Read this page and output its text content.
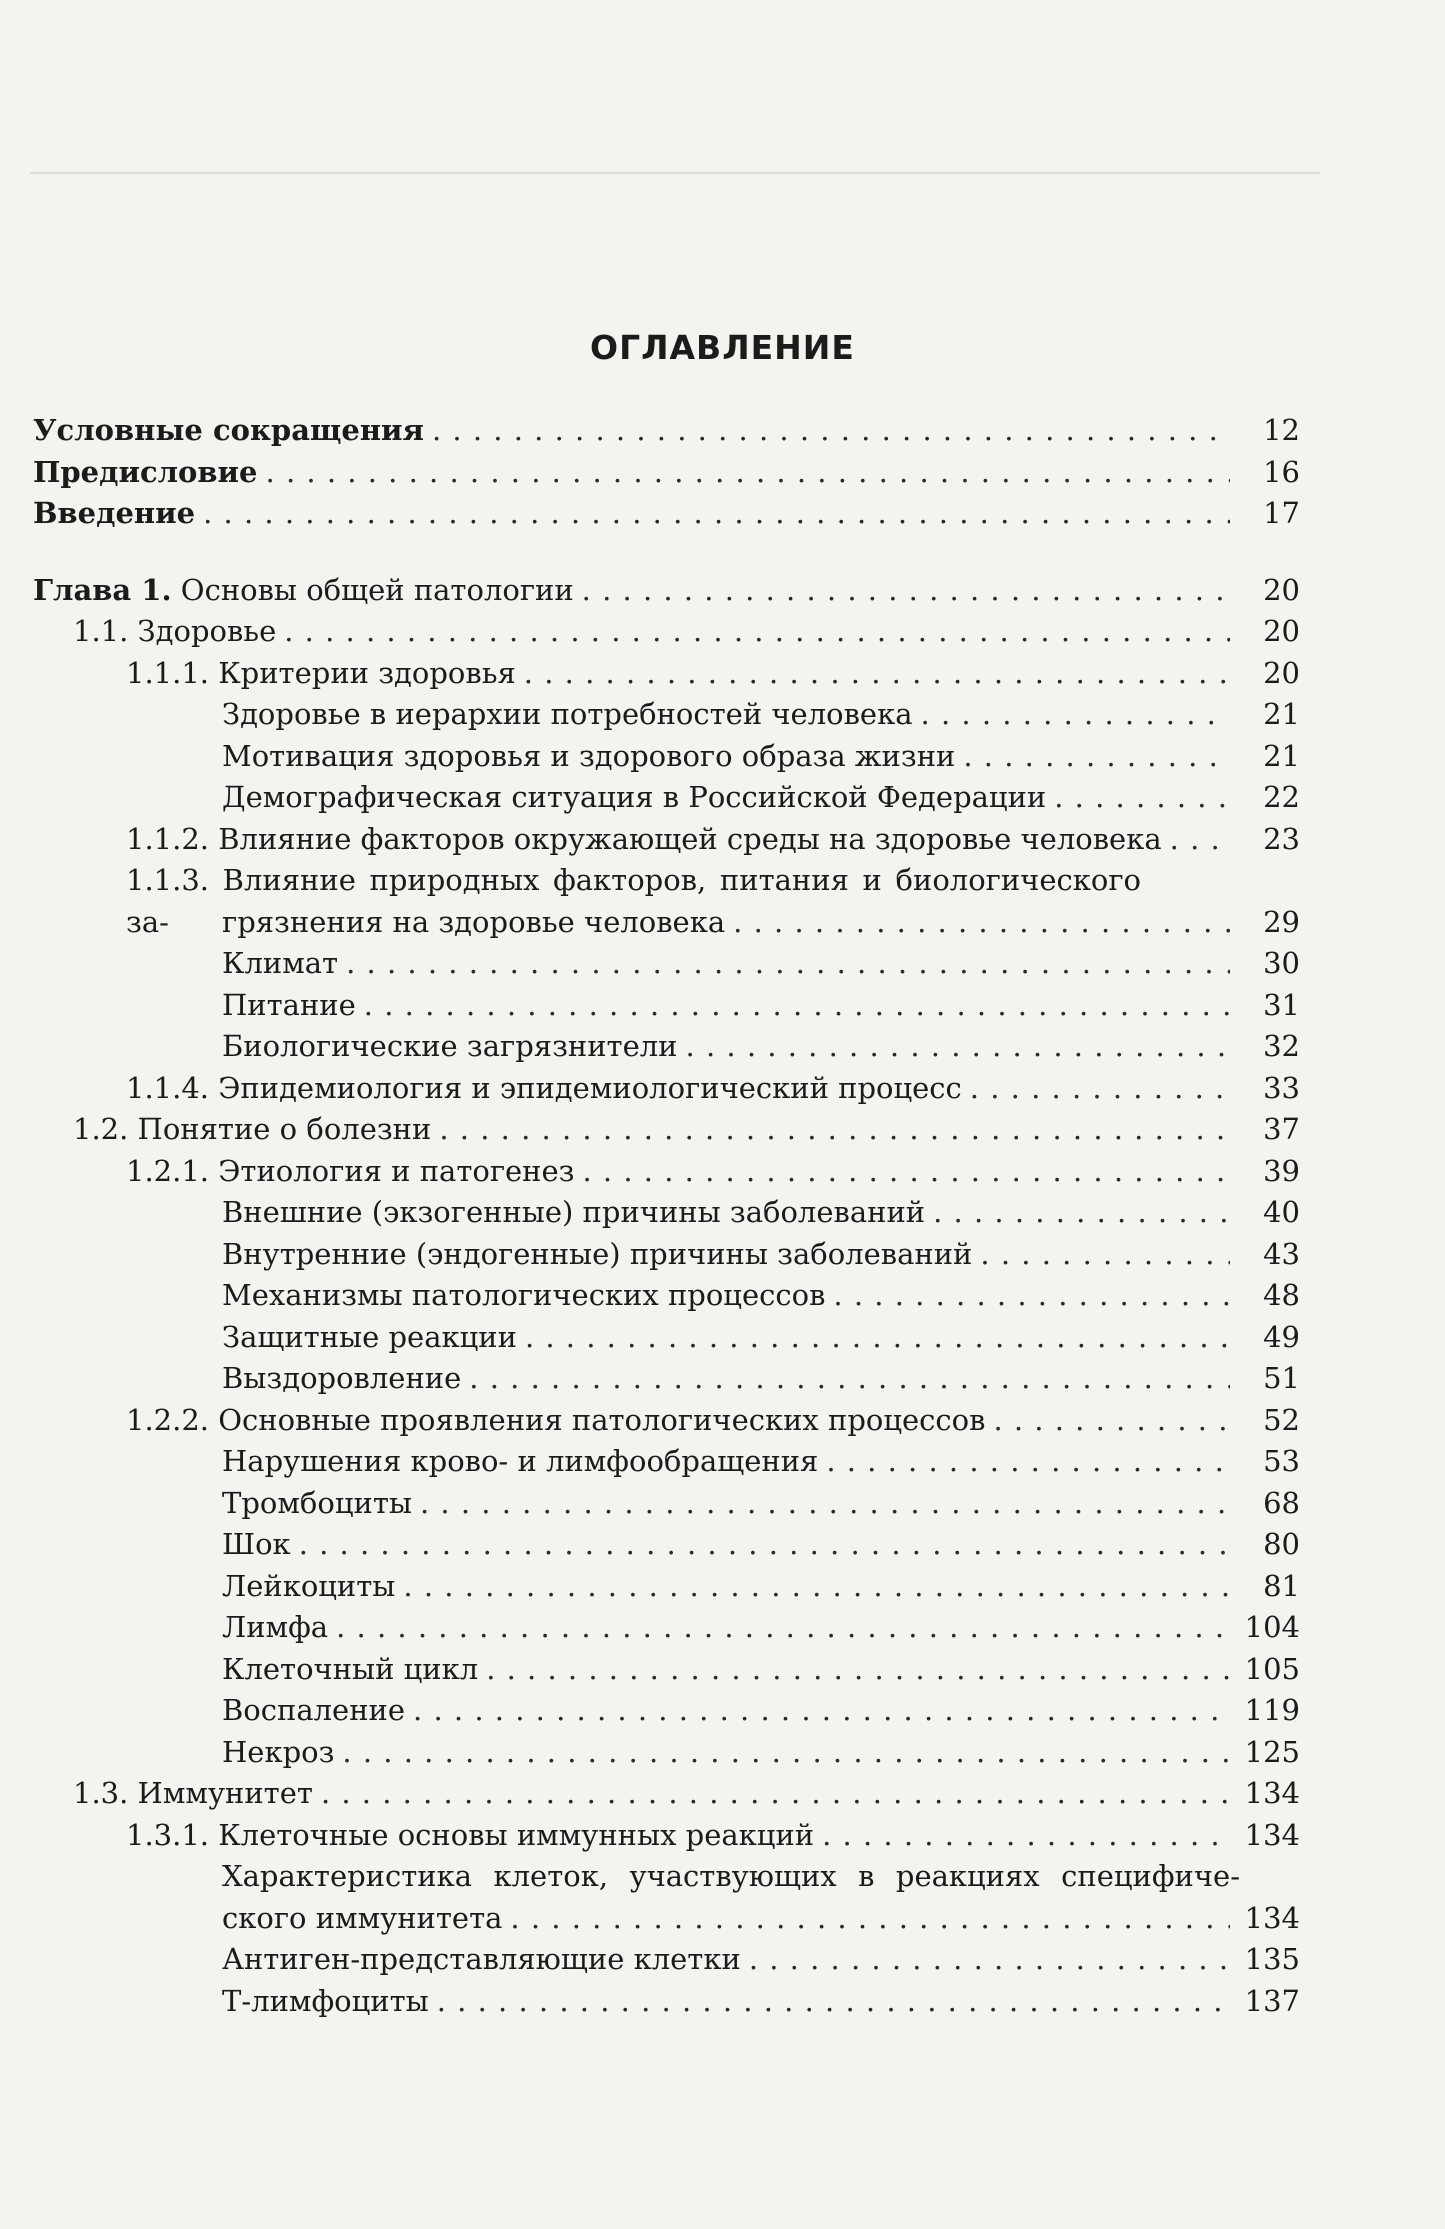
ОГЛАВЛЕНИЕ
Условные сокращения . . .	12
Предисловие . . .	16
Введение . . .	17
Глава 1. Основы общей патологии . . .	20
1.1. Здоровье . . .	20
1.1.1. Критерии здоровья . . .	20
Здоровье в иерархии потребностей человека . . .	21
Мотивация здоровья и здорового образа жизни . . .	21
Демографическая ситуация в Российской Федерации . . .	22
1.1.2. Влияние факторов окружающей среды на здоровье человека . . .	23
1.1.3. Влияние природных факторов, питания и биологического за-	грязнения на здоровье человека . . .	29
Климат . . .	30
Питание . . .	31
Биологические загрязнители . . .	32
1.1.4. Эпидемиология и эпидемиологический процесс . . .	33
1.2. Понятие о болезни . . .	37
1.2.1. Этиология и патогенез . . .	39
Внешние (экзогенные) причины заболеваний . . .	40
Внутренние (эндогенные) причины заболеваний . . .	43
Механизмы патологических процессов . . .	48
Защитные реакции . . .	49
Выздоровление . . .	51
1.2.2. Основные проявления патологических процессов . . .	52
Нарушения крово- и лимфообращения . . .	53
Тромбоциты . . .	68
Шок . . .	80
Лейкоциты . . .	81
Лимфа . . .	104
Клеточный цикл . . .	105
Воспаление . . .	119
Некроз . . .	125
1.3. Иммунитет . . .	134
1.3.1. Клеточные основы иммунных реакций . . .	134
Характеристика клеток, участвующих в реакциях специфиче-
ского иммунитета . . .	134
Антиген-представляющие клетки . . .	135
Т-лимфоциты . . .	137
